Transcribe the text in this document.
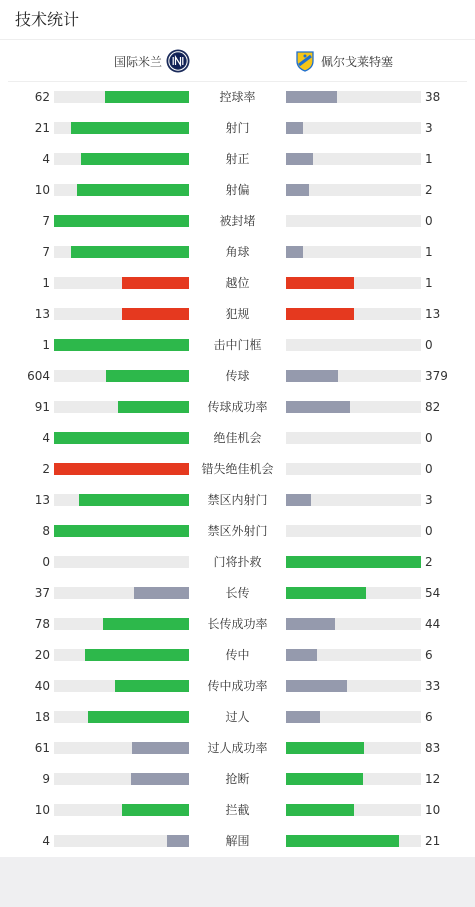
技术统计
国际米兰	佩尔戈莱特塞
62	控球率	38
21	射门	3
4	射正	1
10	射偏	2
7	被封堵	0
7	角球	1
1	越位	1
13	犯规	13
1	击中门框	0
604	传球	379
91	传球成功率	82
4	绝佳机会	0
2	错失绝佳机会	0
13	禁区内射门	3
8	禁区外射门	0
0	门将扑救	2
37	长传	54
78	长传成功率	44
20	传中	6
40	传中成功率	33
18	过人	6
61	过人成功率	83
9	抢断	12
10	拦截	10
4	解围	21
